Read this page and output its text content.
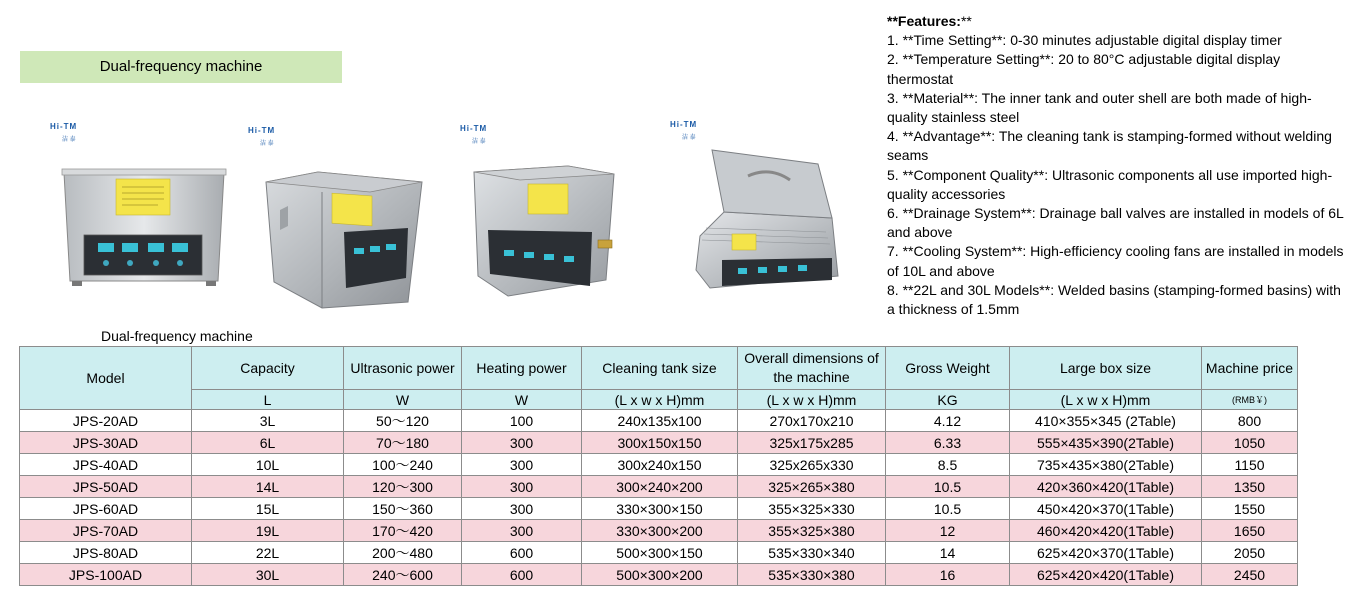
Dual-frequency machine
Hi-TM
洁 泰
Hi-TM
洁 泰
Hi-TM
洁 泰
Hi-TM
洁 泰
**Features:**
1. **Time Setting**: 0-30 minutes adjustable digital display timer
2. **Temperature Setting**: 20 to 80°C adjustable digital display thermostat
3. **Material**: The inner tank and outer shell are both made of high-quality stainless steel
4. **Advantage**: The cleaning tank is stamping-formed without welding seams
5. **Component Quality**: Ultrasonic components all use imported high-quality accessories
6. **Drainage System**: Drainage ball valves are installed in models of 6L and above
7. **Cooling System**: High-efficiency cooling fans are installed in models of 10L and above
8. **22L and 30L Models**: Welded basins (stamping-formed basins) with a thickness of 1.5mm
Dual-frequency machine
Model	Capacity	Ultrasonic power	Heating power	Cleaning tank size	Overall dimensions of the machine	Gross Weight	Large box size	Machine price
	L	W	W	(L x w x H)mm	(L x w x H)mm	KG	(L x w x H)mm	(RMB￥)
JPS-20AD	3L	50～120	100	240x135x100	270x170x210	4.12	410×355×345 (2Table)	800
JPS-30AD	6L	70～180	300	300x150x150	325x175x285	6.33	555×435×390(2Table)	1050
JPS-40AD	10L	100～240	300	300x240x150	325x265x330	8.5	735×435×380(2Table)	1150
JPS-50AD	14L	120～300	300	300×240×200	325×265×380	10.5	420×360×420(1Table)	1350
JPS-60AD	15L	150～360	300	330×300×150	355×325×330	10.5	450×420×370(1Table)	1550
JPS-70AD	19L	170～420	300	330×300×200	355×325×380	12	460×420×420(1Table)	1650
JPS-80AD	22L	200～480	600	500×300×150	535×330×340	14	625×420×370(1Table)	2050
JPS-100AD	30L	240～600	600	500×300×200	535×330×380	16	625×420×420(1Table)	2450
